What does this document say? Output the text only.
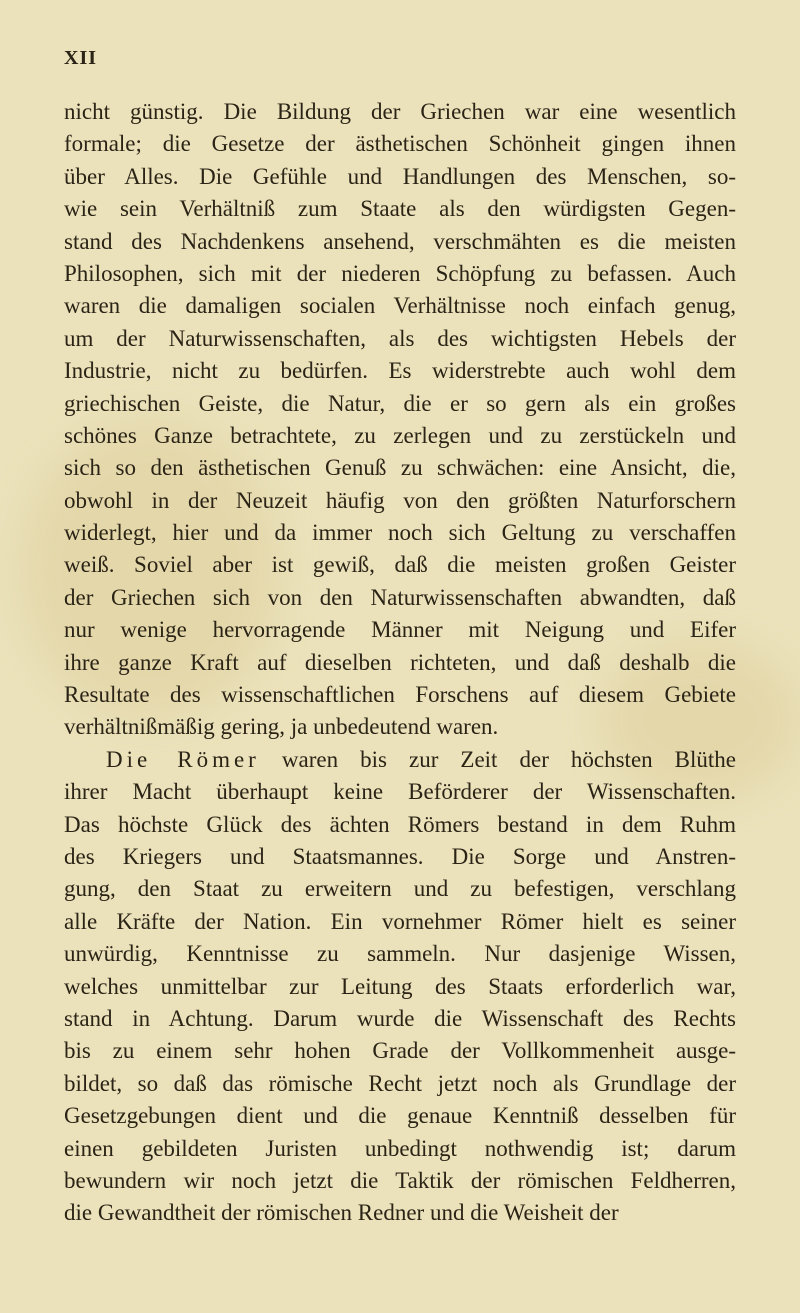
XII
nicht günstig. Die Bildung der Griechen war eine wesentlich
formale; die Gesetze der ästhetischen Schönheit gingen ihnen
über Alles. Die Gefühle und Handlungen des Menschen, so-
wie sein Verhältniß zum Staate als den würdigsten Gegen-
stand des Nachdenkens ansehend, verschmähten es die meisten
Philosophen, sich mit der niederen Schöpfung zu befassen. Auch
waren die damaligen socialen Verhältnisse noch einfach genug,
um der Naturwissenschaften, als des wichtigsten Hebels der
Industrie, nicht zu bedürfen. Es widerstrebte auch wohl dem
griechischen Geiste, die Natur, die er so gern als ein großes
schönes Ganze betrachtete, zu zerlegen und zu zerstückeln und
sich so den ästhetischen Genuß zu schwächen: eine Ansicht, die,
obwohl in der Neuzeit häufig von den größten Naturforschern
widerlegt, hier und da immer noch sich Geltung zu verschaffen
weiß. Soviel aber ist gewiß, daß die meisten großen Geister
der Griechen sich von den Naturwissenschaften abwandten, daß
nur wenige hervorragende Männer mit Neigung und Eifer
ihre ganze Kraft auf dieselben richteten, und daß deshalb die
Resultate des wissenschaftlichen Forschens auf diesem Gebiete
verhältnißmäßig gering, ja unbedeutend waren.
Die Römer waren bis zur Zeit der höchsten Blüthe
ihrer Macht überhaupt keine Beförderer der Wissenschaften.
Das höchste Glück des ächten Römers bestand in dem Ruhm
des Kriegers und Staatsmannes. Die Sorge und Anstren-
gung, den Staat zu erweitern und zu befestigen, verschlang
alle Kräfte der Nation. Ein vornehmer Römer hielt es seiner
unwürdig, Kenntnisse zu sammeln. Nur dasjenige Wissen,
welches unmittelbar zur Leitung des Staats erforderlich war,
stand in Achtung. Darum wurde die Wissenschaft des Rechts
bis zu einem sehr hohen Grade der Vollkommenheit ausge-
bildet, so daß das römische Recht jetzt noch als Grundlage der
Gesetzgebungen dient und die genaue Kenntniß desselben für
einen gebildeten Juristen unbedingt nothwendig ist; darum
bewundern wir noch jetzt die Taktik der römischen Feldherren,
die Gewandtheit der römischen Redner und die Weisheit der
